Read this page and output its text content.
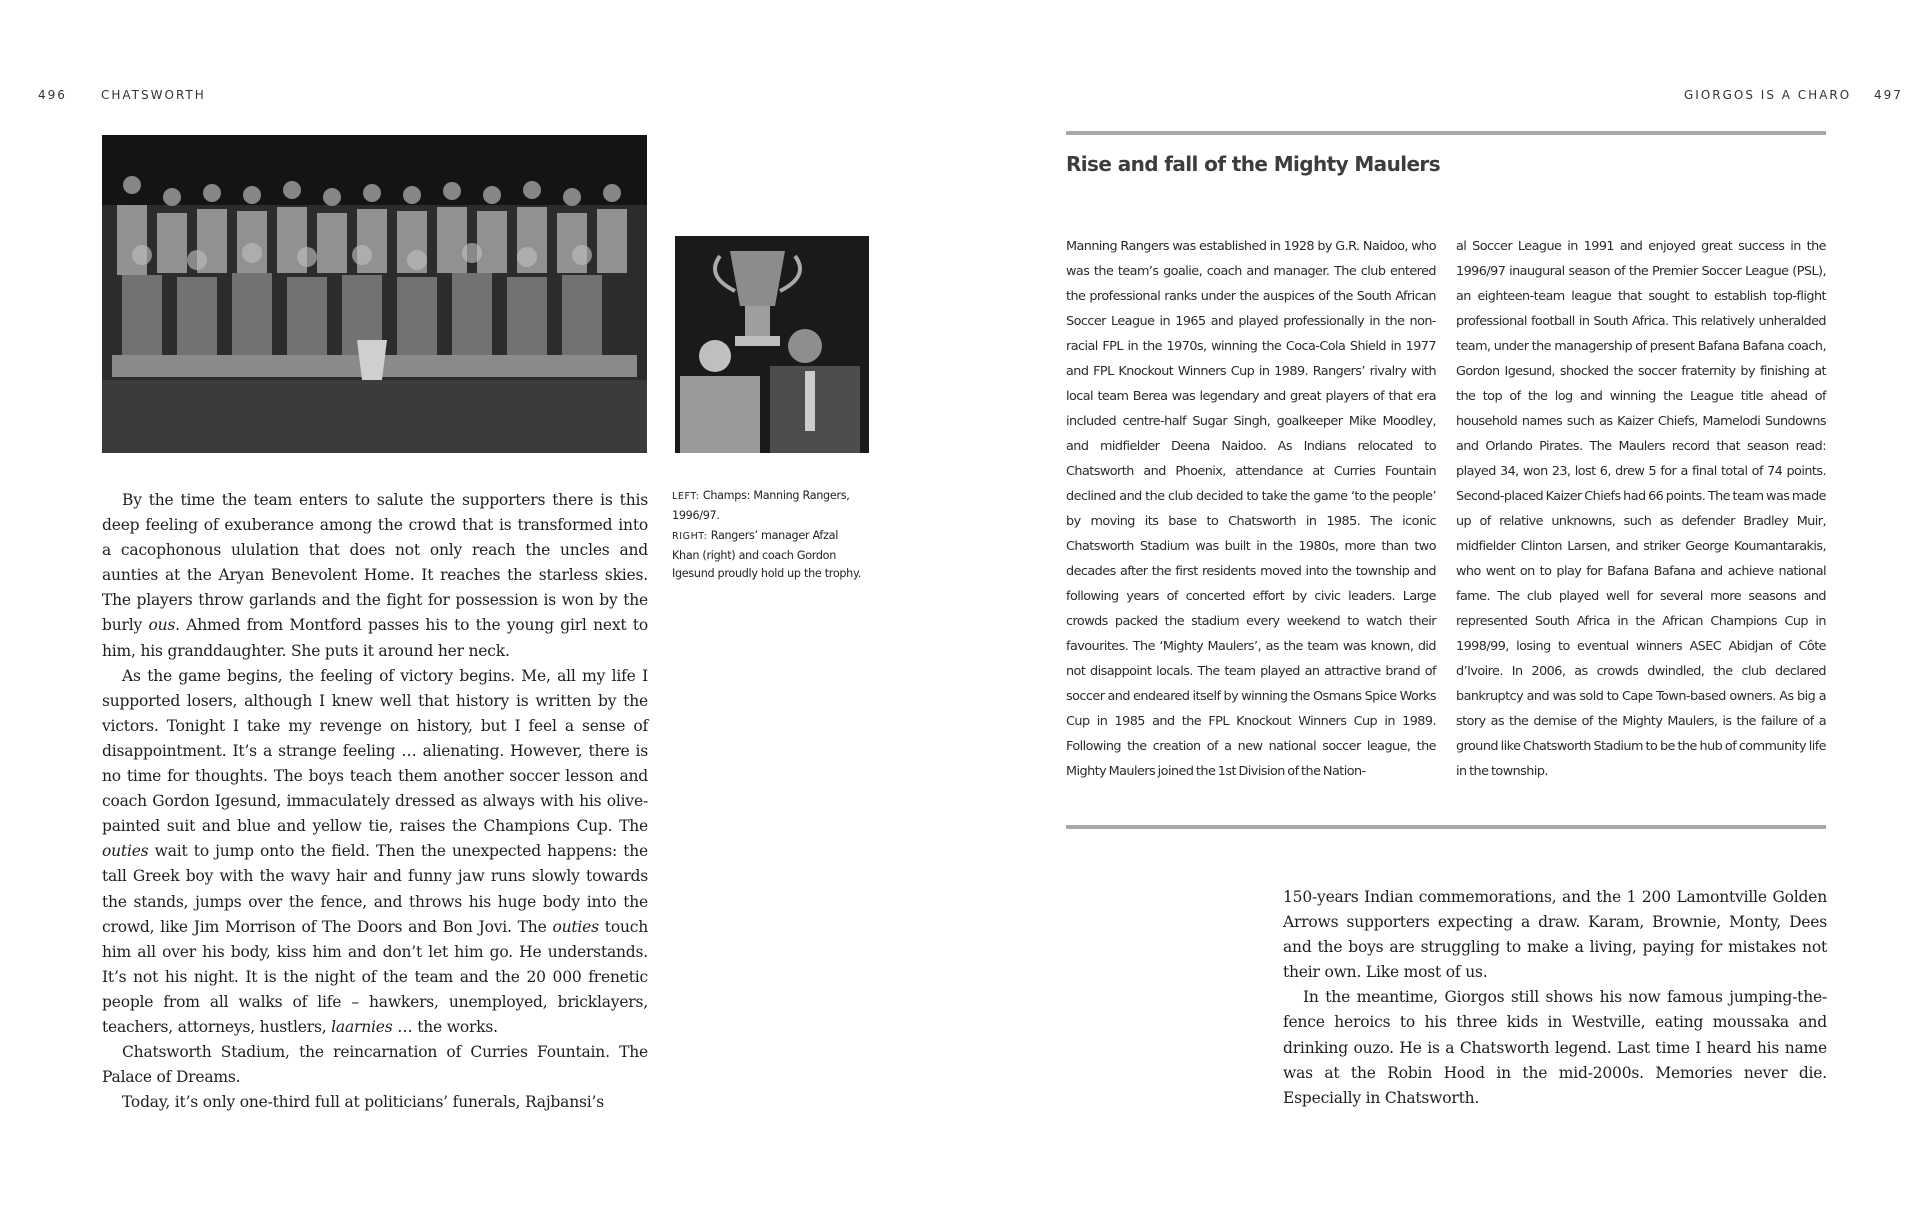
496	CHATSWORTH

LEFT: Champs: Manning Rangers, 1996/97.

RIGHT: Rangers’ manager Afzal Khan (right) and coach Gordon Igesund proudly hold up the trophy.

By the time the team enters to salute the supporters there is this deep feeling of exuberance among the crowd that is transformed into a cacophonous ululation that does not only reach the uncles and aunties at the Aryan Benevolent Home. It reaches the starless skies. The players throw garlands and the fight for possession is won by the burly ous. Ahmed from Montford passes his to the young girl next to him, his granddaughter. She puts it around her neck.

As the game begins, the feeling of victory begins. Me, all my life I supported losers, although I knew well that history is written by the victors. Tonight I take my revenge on history, but I feel a sense of disappointment. It’s a strange feeling … alienating. However, there is no time for thoughts. The boys teach them another soccer lesson and coach Gordon Igesund, immaculately dressed as always with his olive-painted suit and blue and yellow tie, raises the Champions Cup. The outies wait to jump onto the field. Then the unexpected happens: the tall Greek boy with the wavy hair and funny jaw runs slowly towards the stands, jumps over the fence, and throws his huge body into the crowd, like Jim Morrison of The Doors and Bon Jovi. The outies touch him all over his body, kiss him and don’t let him go. He understands. It’s not his night. It is the night of the team and the 20 000 frenetic people from all walks of life – hawkers, unemployed, bricklayers, teachers, attorneys, hustlers, laarnies … the works.

Chatsworth Stadium, the reincarnation of Curries Fountain. The Palace of Dreams.

Today, it’s only one-third full at politicians’ funerals, Rajbansi’s

GIORGOS IS A CHARO 497
Rise and fall of the Mighty Maulers
Manning Rangers was established in 1928 by G.R. Naidoo, who was the team’s goalie, coach and manager. The club entered the professional ranks under the auspices of the South African Soccer League in 1965 and played professionally in the non-racial FPL in the 1970s, winning the Coca-Cola Shield in 1977 and FPL Knockout Winners Cup in 1989. Rangers’ rivalry with local team Berea was legendary and great players of that era included centre-half Sugar Singh, goalkeeper Mike Moodley, and midfielder Deena Naidoo. As Indians relocated to Chatsworth and Phoenix, attendance at Curries Fountain declined and the club decided to take the game ‘to the people’ by moving its base to Chatsworth in 1985. The iconic Chatsworth Stadium was built in the 1980s, more than two decades after the first residents moved into the township and following years of concerted effort by civic leaders. Large crowds packed the stadium every weekend to watch their favourites. The ‘Mighty Maulers’, as the team was known, did not disappoint locals. The team played an attractive brand of soccer and endeared itself by winning the Osmans Spice Works Cup in 1985 and the FPL Knockout Winners Cup in 1989. Following the creation of a new national soccer league, the Mighty Maulers joined the 1st Division of the Nation-
al Soccer League in 1991 and enjoyed great success in the 1996/97 inaugural season of the Premier Soccer League (PSL), an eighteen-team league that sought to establish top-flight professional football in South Africa. This relatively unheralded team, under the managership of present Bafana Bafana coach, Gordon Igesund, shocked the soccer fraternity by finishing at the top of the log and winning the League title ahead of household names such as Kaizer Chiefs, Mamelodi Sundowns and Orlando Pirates. The Maulers record that season read: played 34, won 23, lost 6, drew 5 for a final total of 74 points. Second-placed Kaizer Chiefs had 66 points. The team was made up of relative unknowns, such as defender Bradley Muir, midfielder Clinton Larsen, and striker George Koumantarakis, who went on to play for Bafana Bafana and achieve national fame. The club played well for several more seasons and represented South Africa in the African Champions Cup in 1998/99, losing to eventual winners ASEC Abidjan of Côte d’Ivoire. In 2006, as crowds dwindled, the club declared bankruptcy and was sold to Cape Town-based owners. As big a story as the demise of the Mighty Maulers, is the failure of a ground like Chatsworth Stadium to be the hub of community life in the township.

150-years Indian commemorations, and the 1 200 Lamontville Golden Arrows supporters expecting a draw. Karam, Brownie, Monty, Dees and the boys are struggling to make a living, paying for mistakes not their own. Like most of us.

In the meantime, Giorgos still shows his now famous jumping-the-fence heroics to his three kids in Westville, eating moussaka and drinking ouzo. He is a Chatsworth legend. Last time I heard his name was at the Robin Hood in the mid-2000s. Memories never die. Especially in Chatsworth.
